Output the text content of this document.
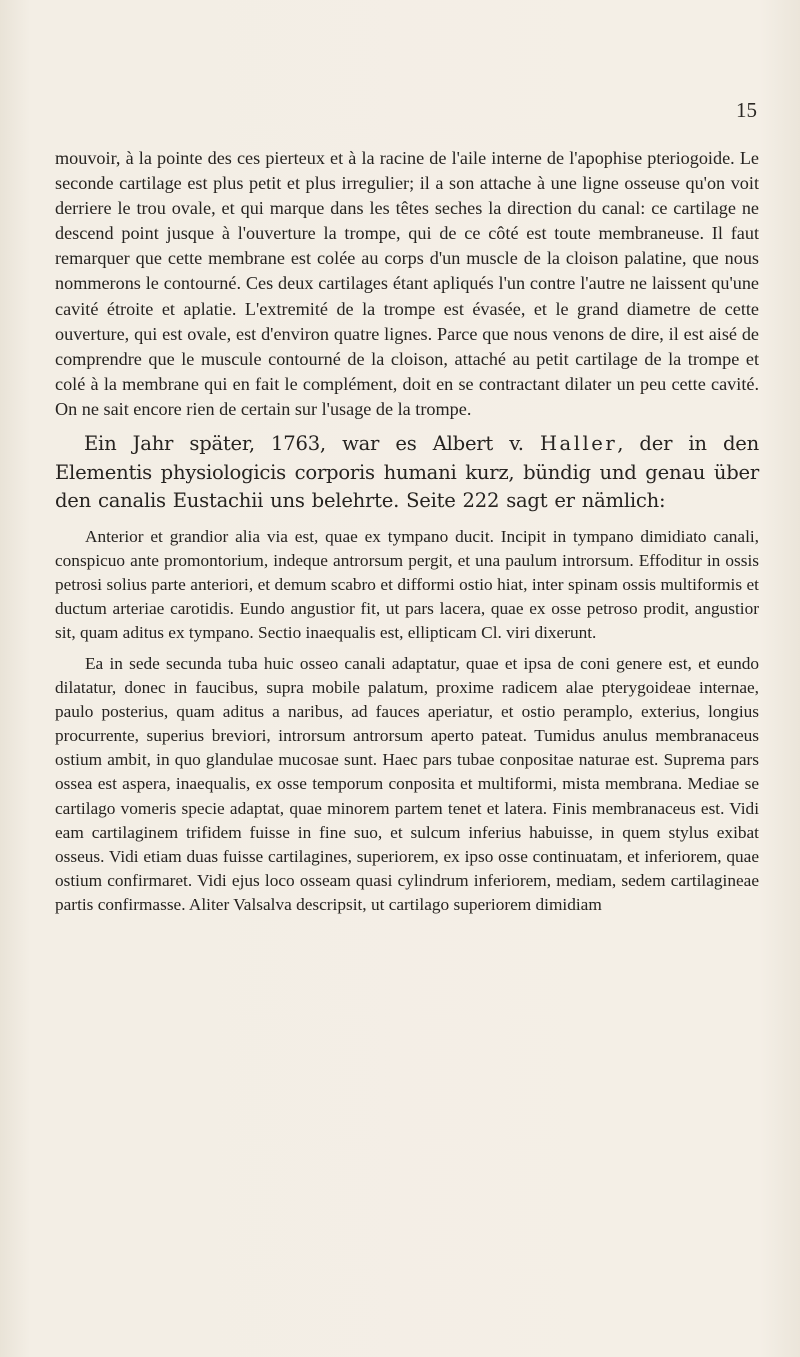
15

mouvoir, à la pointe des ces pierteux et à la racine de l'aile interne de l'apophise pteriogoide. Le seconde cartilage est plus petit et plus irregulier; il a son attache à une ligne osseuse qu'on voit derriere le trou ovale, et qui marque dans les têtes seches la direction du canal: ce cartilage ne descend point jusque à l'ouverture la trompe, qui de ce côté est toute membraneuse. Il faut remarquer que cette membrane est colée au corps d'un muscle de la cloison palatine, que nous nommerons le contourné. Ces deux cartilages étant apliqués l'un contre l'autre ne laissent qu'une cavité étroite et aplatie. L'extremité de la trompe est évasée, et le grand diametre de cette ouverture, qui est ovale, est d'environ quatre lignes. Parce que nous venons de dire, il est aisé de comprendre que le muscule contourné de la cloison, attaché au petit cartilage de la trompe et colé à la membrane qui en fait le complément, doit en se contractant dilater un peu cette cavité. On ne sait encore rien de certain sur l'usage de la trompe.

Ein Jahr später, 1763, war es Albert v. Haller, der in den Elementis physiologicis corporis humani kurz, bündig und genau über den canalis Eustachii uns belehrte. Seite 222 sagt er nämlich:

Anterior et grandior alia via est, quae ex tympano ducit. Incipit in tympano dimidiato canali, conspicuo ante promontorium, indeque antrorsum pergit, et una paulum introrsum. Effoditur in ossis petrosi solius parte anteriori, et demum scabro et difformi ostio hiat, inter spinam ossis multiformis et ductum arteriae carotidis. Eundo angustior fit, ut pars lacera, quae ex osse petroso prodit, angustior sit, quam aditus ex tympano. Sectio inaequalis est, ellipticam Cl. viri dixerunt.

Ea in sede secunda tuba huic osseo canali adaptatur, quae et ipsa de coni genere est, et eundo dilatatur, donec in faucibus, supra mobile palatum, proxime radicem alae pterygoideae internae, paulo posterius, quam aditus a naribus, ad fauces aperiatur, et ostio peramplo, exterius, longius procurrente, superius breviori, introrsum antrorsum aperto pateat. Tumidus anulus membranaceus ostium ambit, in quo glandulae mucosae sunt. Haec pars tubae conpositae naturae est. Suprema pars ossea est aspera, inaequalis, ex osse temporum conposita et multiformi, mista membrana. Mediae se cartilago vomeris specie adaptat, quae minorem partem tenet et latera. Finis membranaceus est. Vidi eam cartilaginem trifidem fuisse in fine suo, et sulcum inferius habuisse, in quem stylus exibat osseus. Vidi etiam duas fuisse cartilagines, superiorem, ex ipso osse continuatam, et inferiorem, quae ostium confirmaret. Vidi ejus loco osseam quasi cylindrum inferiorem, mediam, sedem cartilagineae partis confirmasse. Aliter Valsalva descripsit, ut cartilago superiorem dimidiam
